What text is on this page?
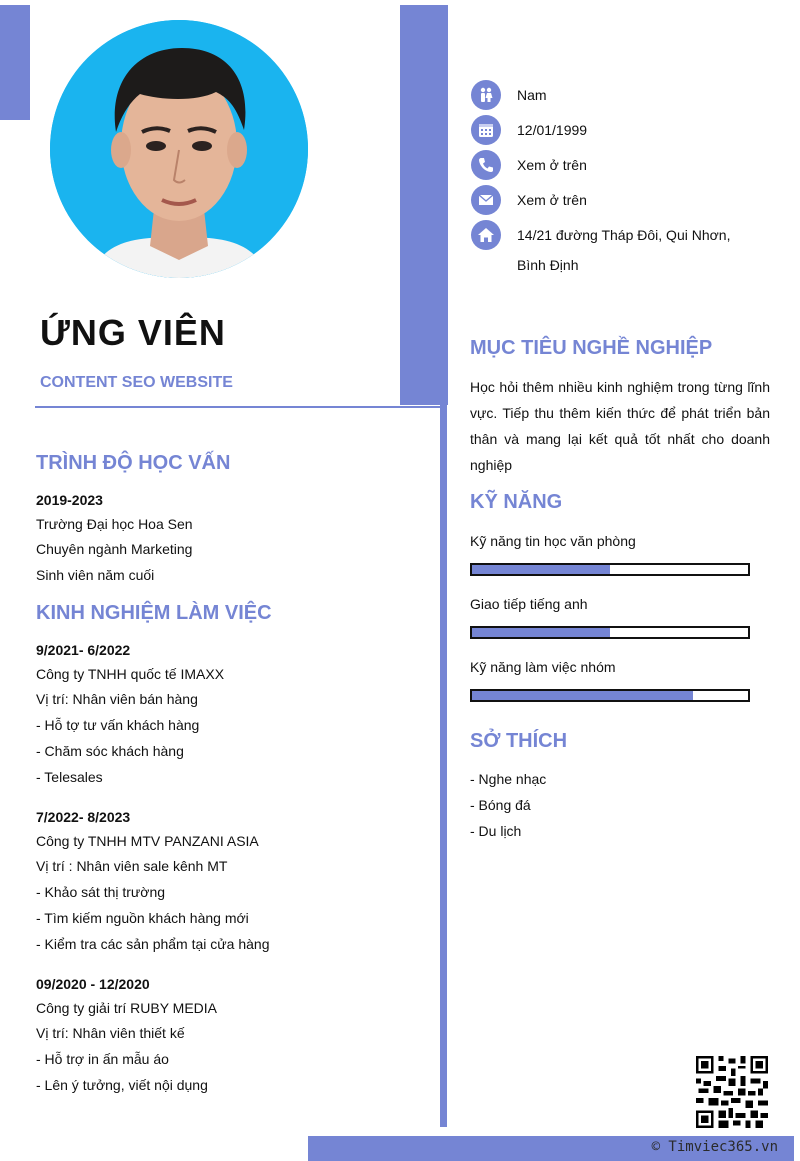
ỨNG VIÊN
CONTENT SEO WEBSITE
Nam
12/01/1999
Xem ở trên
Xem ở trên
14/21 đường Tháp Đôi, Qui Nhơn,
Bình Định
TRÌNH ĐỘ HỌC VẤN
2019-2023
Trường Đại học Hoa Sen
Chuyên ngành Marketing
Sinh viên năm cuối
KINH NGHIỆM LÀM VIỆC
9/2021- 6/2022
Công ty TNHH quốc tế IMAXX
Vị trí: Nhân viên bán hàng
- Hỗ tợ tư vấn khách hàng
- Chăm sóc khách hàng
- Telesales
7/2022- 8/2023
Công ty TNHH MTV PANZANI ASIA
Vị trí : Nhân viên sale kênh MT
- Khảo sát thị trường
- Tìm kiếm nguồn khách hàng mới
- Kiểm tra các sản phẩm tại cửa hàng
09/2020 - 12/2020
Công ty giải trí RUBY MEDIA
Vị trí: Nhân viên thiết kế
- Hỗ trợ in ấn mẫu áo
- Lên ý tưởng, viết nội dụng
MỤC TIÊU NGHỀ NGHIỆP
Học hỏi thêm nhiều kinh nghiệm trong từng lĩnh vực. Tiếp thu thêm kiến thức để phát triển bản thân và mang lại kết quả tốt nhất cho doanh nghiệp
KỸ NĂNG
Kỹ năng tin học văn phòng
Giao tiếp tiếng anh
Kỹ năng làm việc nhóm
SỞ THÍCH
- Nghe nhạc
- Bóng đá
- Du lịch
© Timviec365.vn
